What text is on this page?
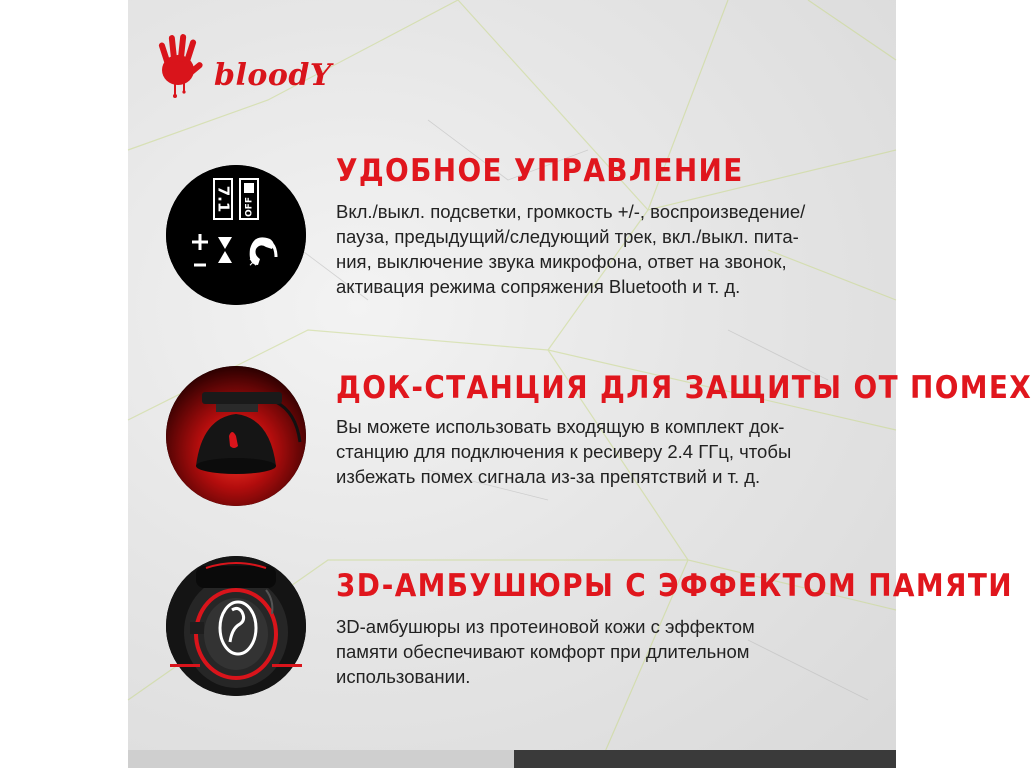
bloodY
7.1 OFF
×
УДОБНОЕ УПРАВЛЕНИЕ
Вкл./выкл. подсветки, громкость +/-, воспроизведение/
пауза, предыдущий/следующий трек, вкл./выкл. пита-
ния, выключение звука микрофона, ответ на звонок,
активация режима сопряжения Bluetooth и т. д.
ДОК-СТАНЦИЯ ДЛЯ ЗАЩИТЫ ОТ ПОМЕХ
Вы можете использовать входящую в комплект док-
станцию для подключения к ресиверу 2.4 ГГц, чтобы
избежать помех сигнала из-за препятствий и т. д.
3D-АМБУШЮРЫ С ЭФФЕКТОМ ПАМЯТИ
3D-амбушюры из протеиновой кожи с эффектом
памяти обеспечивают комфорт при длительном
использовании.
